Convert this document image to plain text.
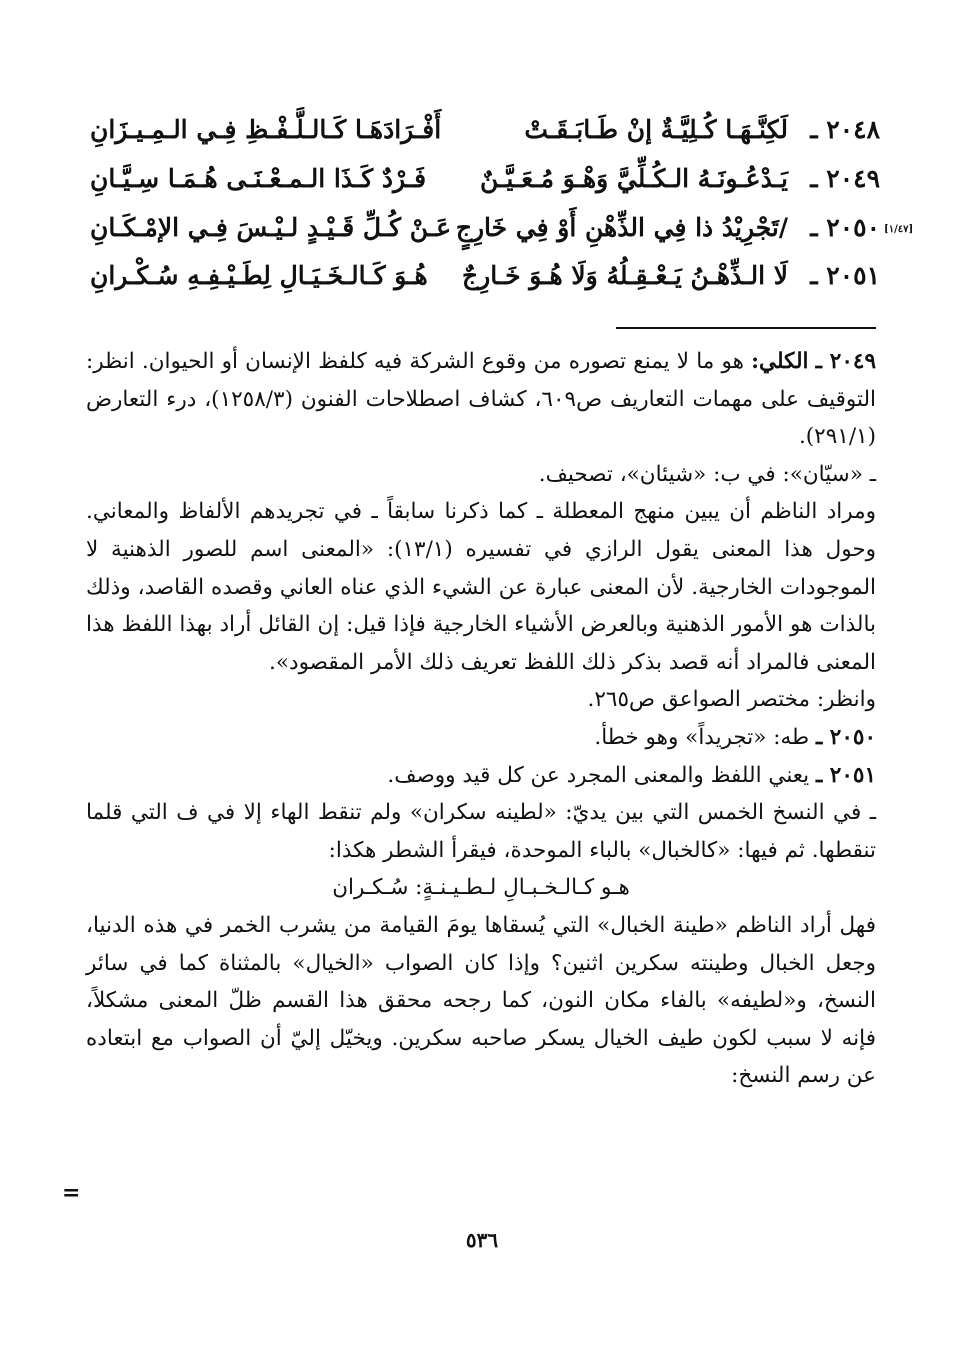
٢٠٤٨ ـ
لَكِنَّـهَـا كُـلِيَّـةٌ إنْ طَـابَـقَـتْ
أَفْـرَادَهَـا كَـالـلَّـفْـظِ فِـي الـمِـيـزَانِ
٢٠٤٩ ـ
يَـدْعُـونَـهُ الـكُـلِّيَّ وَهْـوَ مُـعَـيَّـنٌ
فَـرْدٌ كَـذَا الـمـعْـنَـى هُـمَـا سِـيَّـانِ
٢٠٥٠ ـ
/تَجْرِيْدُ ذا فِي الذِّهْنِ أَوْ فِي خَارِجٍ
عَـنْ كُـلِّ قَـيْـدٍ لـيْـسَ فِـي الإمْـكَـانِ	[١/٤٧]
٢٠٥١ ـ
لَا الـذِّهْـنُ يَـعْـقِـلُهُ وَلَا هُـوَ خَـارِجٌ
هُـوَ كَـالـخَـيَـالِ لِطَـيْـفِـهِ سُـكْـرانِ

٢٠٤٩ ـ الكلي: هو ما لا يمنع تصوره من وقوع الشركة فيه كلفظ الإنسان أو الحيوان. انظر: التوقيف على مهمات التعاريف ص٦٠٩، كشاف اصطلاحات الفنون (١٢٥٨/٣)، درء التعارض (٢٩١/١).

ـ «سيّان»: في ب: «شيئان»، تصحيف.

ومراد الناظم أن يبين منهج المعطلة ـ كما ذكرنا سابقاً ـ في تجريدهم الألفاظ والمعاني. وحول هذا المعنى يقول الرازي في تفسيره (١٣/١): «المعنى اسم للصور الذهنية لا الموجودات الخارجية. لأن المعنى عبارة عن الشيء الذي عناه العاني وقصده القاصد، وذلك بالذات هو الأمور الذهنية وبالعرض الأشياء الخارجية فإذا قيل: إن القائل أراد بهذا اللفظ هذا المعنى فالمراد أنه قصد بذكر ذلك اللفظ تعريف ذلك الأمر المقصود».

وانظر: مختصر الصواعق ص٢٦٥.

٢٠٥٠ ـ طه: «تجريداً» وهو خطأ.

٢٠٥١ ـ يعني اللفظ والمعنى المجرد عن كل قيد ووصف.

ـ في النسخ الخمس التي بين يديّ: «لطينه سكران» ولم تنقط الهاء إلا في ف التي قلما تنقطها. ثم فيها: «كالخبال» بالباء الموحدة، فيقرأ الشطر هكذا:

هـو كـالـخـبـالِ لـطـيـنـةٍ: سُـكـران

فهل أراد الناظم «طينة الخبال» التي يُسقاها يومَ القيامة من يشرب الخمر في هذه الدنيا، وجعل الخبال وطينته سكرين اثنين؟ وإذا كان الصواب «الخيال» بالمثناة كما في سائر النسخ، و«لطيفه» بالفاء مكان النون، كما رجحه محقق هذا القسم ظلّ المعنى مشكلاً، فإنه لا سبب لكون طيف الخيال يسكر صاحبه سكرين. ويخيّل إليّ أن الصواب مع ابتعاده عن رسم النسخ:

=
٥٣٦
